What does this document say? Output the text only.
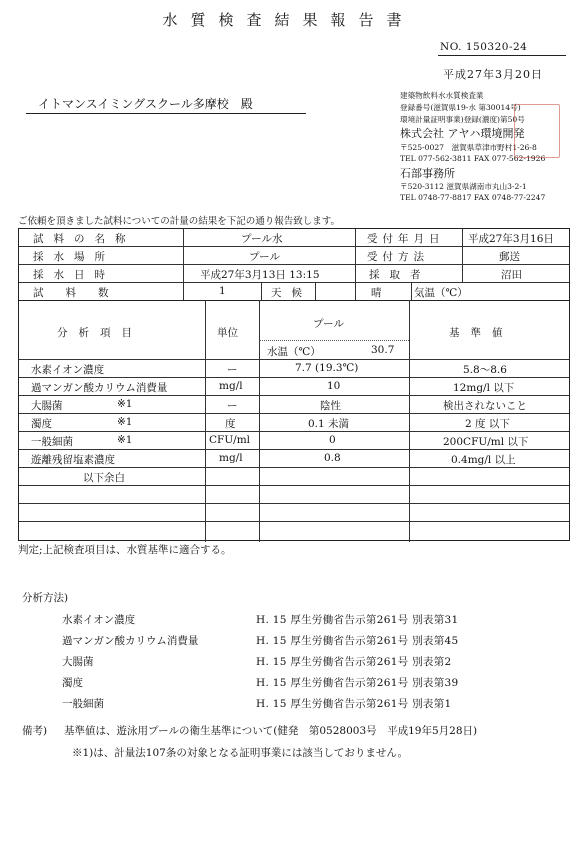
水質検査結果報告書
NO. 150320-24
平成27年3月20日
イトマンスイミングスクール多摩校　殿
建築物飲料水水質検査業
登録番号(滋賀県19-水 第30014号)
環境計量証明事業)登録(濃度)第50号
株式会社 アヤハ環境開発
〒525-0027　滋賀県草津市野村1-26-8
TEL 077-562-3811 FAX 077-562-1926
石部事務所
〒520-3112 滋賀県湖南市丸山3-2-1
TEL 0748-77-8817 FAX 0748-77-2247
ご依頼を頂きました試料についての計量の結果を下記の通り報告致します。
試料の名称	プール水	受付年月日 平成27年3月16日
採水場所	プール	受付方法	郵送
採水日時	平成27年3月13日 13:15	採取者	沼田
試料数	1	天候	晴	気温（℃）
分析項目	単位
プール
水温（℃）	30.7
基準値
水素イオン濃度	ー	7.7 (19.3℃)	5.8～8.6
過マンガン酸カリウム消費量	mg/l	10	12mg/l 以下
大腸菌	※1	ー	陰性	検出されないこと
濁度	※1	度	0.1 未満	2 度 以下
一般細菌	※1	CFU/ml	0	200CFU/ml 以下
遊離残留塩素濃度	mg/l	0.8	0.4mg/l 以上
以下余白
判定;上記検査項目は、水質基準に適合する。
分析方法)
水素イオン濃度	H. 15 厚生労働省告示第261号 別表第31
過マンガン酸カリウム消費量	H. 15 厚生労働省告示第261号 別表第45
大腸菌	H. 15 厚生労働省告示第261号 別表第2
濁度	H. 15 厚生労働省告示第261号 別表第39
一般細菌	H. 15 厚生労働省告示第261号 別表第1
備考) 基準値は、遊泳用プールの衛生基準について(健発　第0528003号　平成19年5月28日)
※1)は、計量法107条の対象となる証明事業には該当しておりません。
